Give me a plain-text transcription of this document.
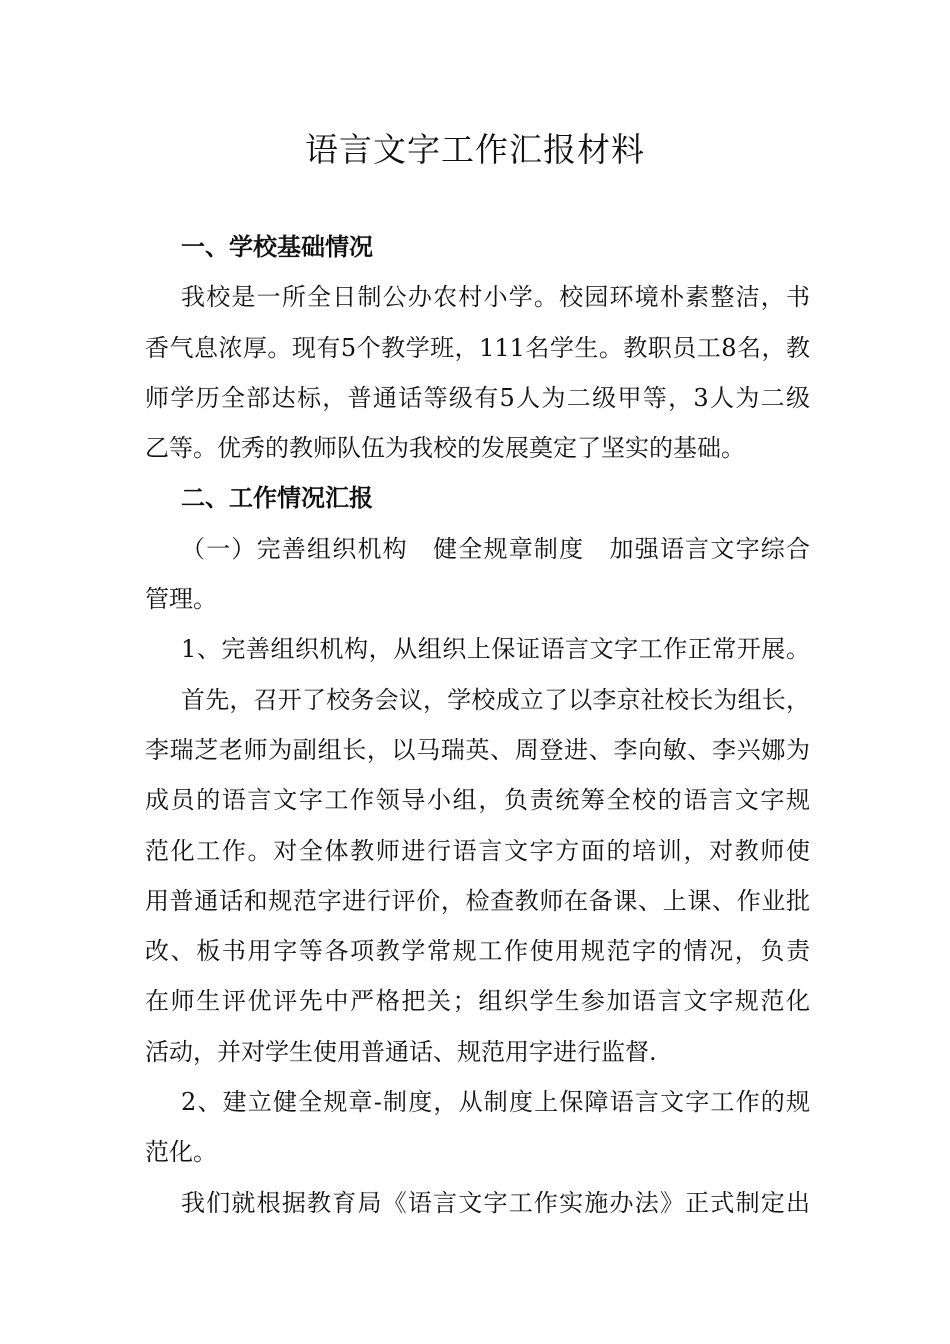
语言文字工作汇报材料
一、学校基础情况
我校是一所全日制公办农村小学。校园环境朴素整洁，书
香气息浓厚。现有5个教学班，111名学生。教职员工8名，教
师学历全部达标，普通话等级有5人为二级甲等，3人为二级
乙等。优秀的教师队伍为我校的发展奠定了坚实的基础。
二、工作情况汇报
（一）完善组织机构　健全规章制度　加强语言文字综合
管理。
1、完善组织机构，从组织上保证语言文字工作正常开展。
首先，召开了校务会议，学校成立了以李京社校长为组长，
李瑞芝老师为副组长，以马瑞英、周登进、李向敏、李兴娜为
成员的语言文字工作领导小组，负责统筹全校的语言文字规
范化工作。对全体教师进行语言文字方面的培训，对教师使
用普通话和规范字进行评价，检查教师在备课、上课、作业批
改、板书用字等各项教学常规工作使用规范字的情况，负责
在师生评优评先中严格把关；组织学生参加语言文字规范化
活动，并对学生使用普通话、规范用字进行监督.
2、建立健全规章-制度，从制度上保障语言文字工作的规
范化。
我们就根据教育局《语言文字工作实施办法》正式制定出
